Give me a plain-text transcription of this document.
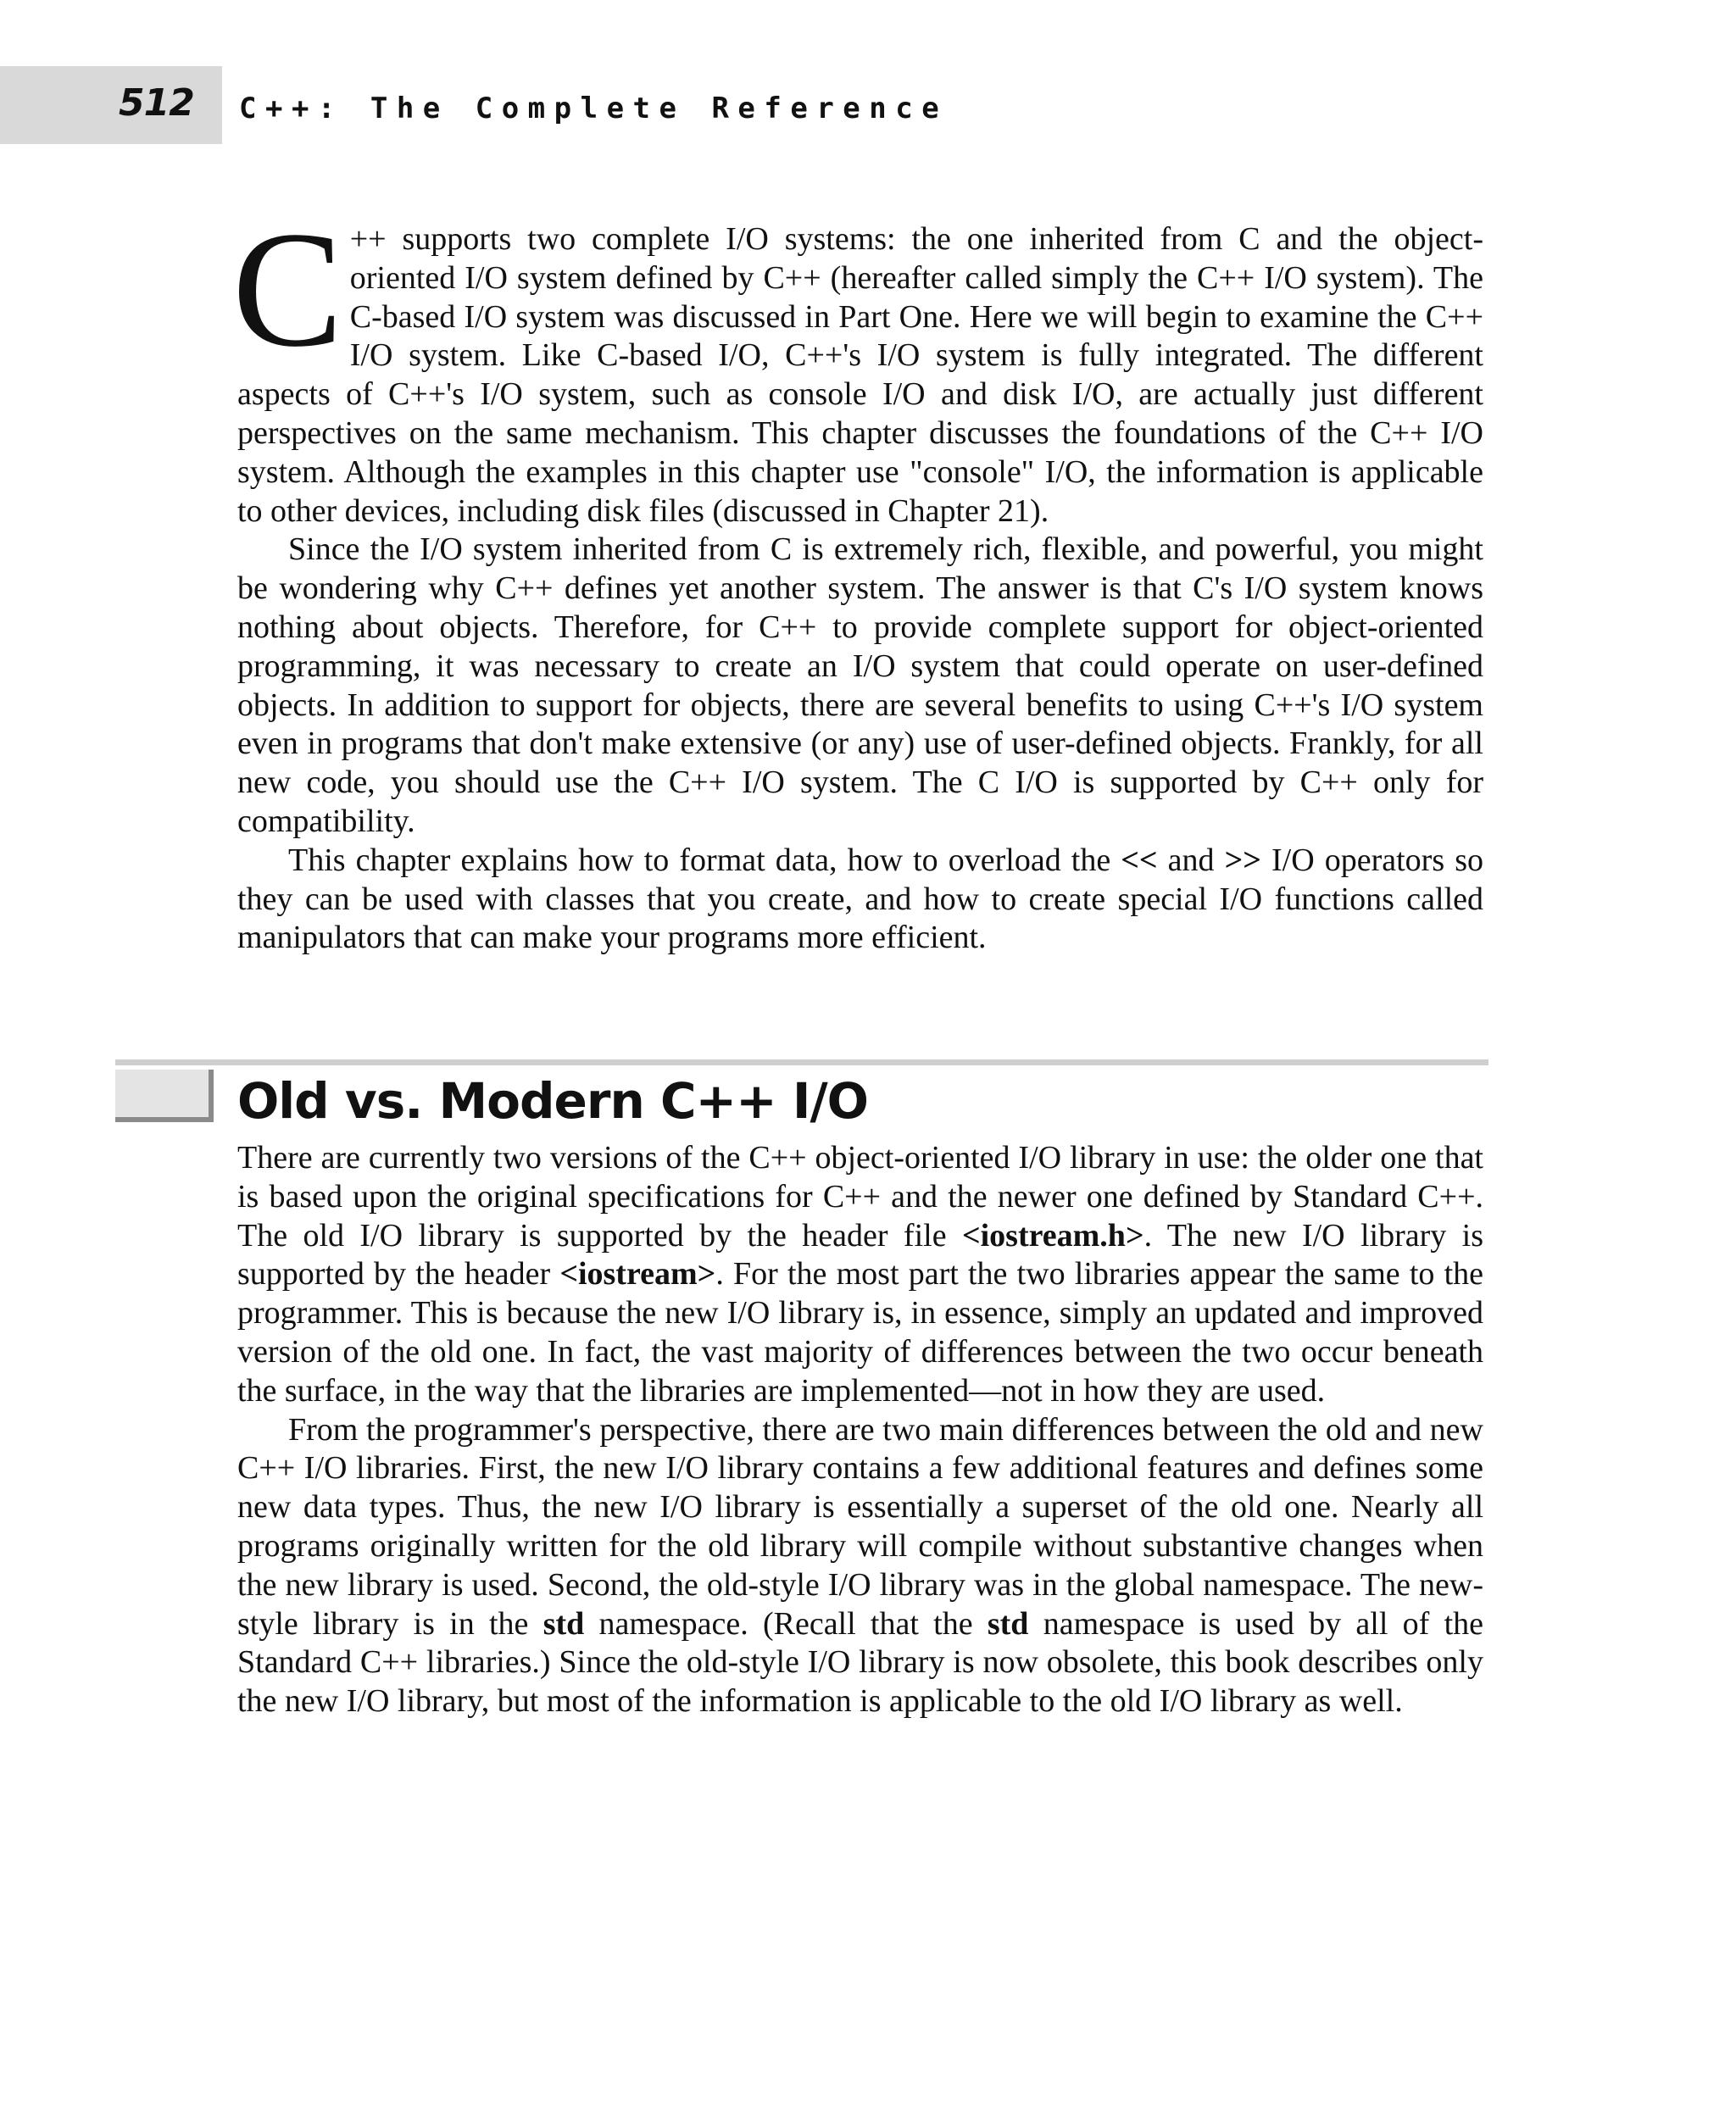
512 C++: The Complete Reference

C ++ supports two complete I/O systems: the one inherited from C and the object-oriented I/O system defined by C++ (hereafter called simply the C++ I/O system). The C-based I/O system was discussed in Part One. Here we will begin to examine the C++ I/O system. Like C-based I/O, C++'s I/O system is fully integrated. The different aspects of C++'s I/O system, such as console I/O and disk I/O, are actually just different perspectives on the same mechanism. This chapter discusses the foundations of the C++ I/O system. Although the examples in this chapter use "console" I/O, the information is applicable to other devices, including disk files (discussed in Chapter 21).

Since the I/O system inherited from C is extremely rich, flexible, and powerful, you might be wondering why C++ defines yet another system. The answer is that C's I/O system knows nothing about objects. Therefore, for C++ to provide complete support for object-oriented programming, it was necessary to create an I/O system that could operate on user-defined objects. In addition to support for objects, there are several benefits to using C++'s I/O system even in programs that don't make extensive (or any) use of user-defined objects. Frankly, for all new code, you should use the C++ I/O system. The C I/O is supported by C++ only for compatibility.

This chapter explains how to format data, how to overload the << and >> I/O operators so they can be used with classes that you create, and how to create special I/O functions called manipulators that can make your programs more efficient.

Old vs. Modern C++ I/O

There are currently two versions of the C++ object-oriented I/O library in use: the older one that is based upon the original specifications for C++ and the newer one defined by Standard C++. The old I/O library is supported by the header file <iostream.h>. The new I/O library is supported by the header <iostream>. For the most part the two libraries appear the same to the programmer. This is because the new I/O library is, in essence, simply an updated and improved version of the old one. In fact, the vast majority of differences between the two occur beneath the surface, in the way that the libraries are implemented—not in how they are used.

From the programmer's perspective, there are two main differences between the old and new C++ I/O libraries. First, the new I/O library contains a few additional features and defines some new data types. Thus, the new I/O library is essentially a superset of the old one. Nearly all programs originally written for the old library will compile without substantive changes when the new library is used. Second, the old-style I/O library was in the global namespace. The new-style library is in the std namespace. (Recall that the std namespace is used by all of the Standard C++ libraries.) Since the old-style I/O library is now obsolete, this book describes only the new I/O library, but most of the information is applicable to the old I/O library as well.
